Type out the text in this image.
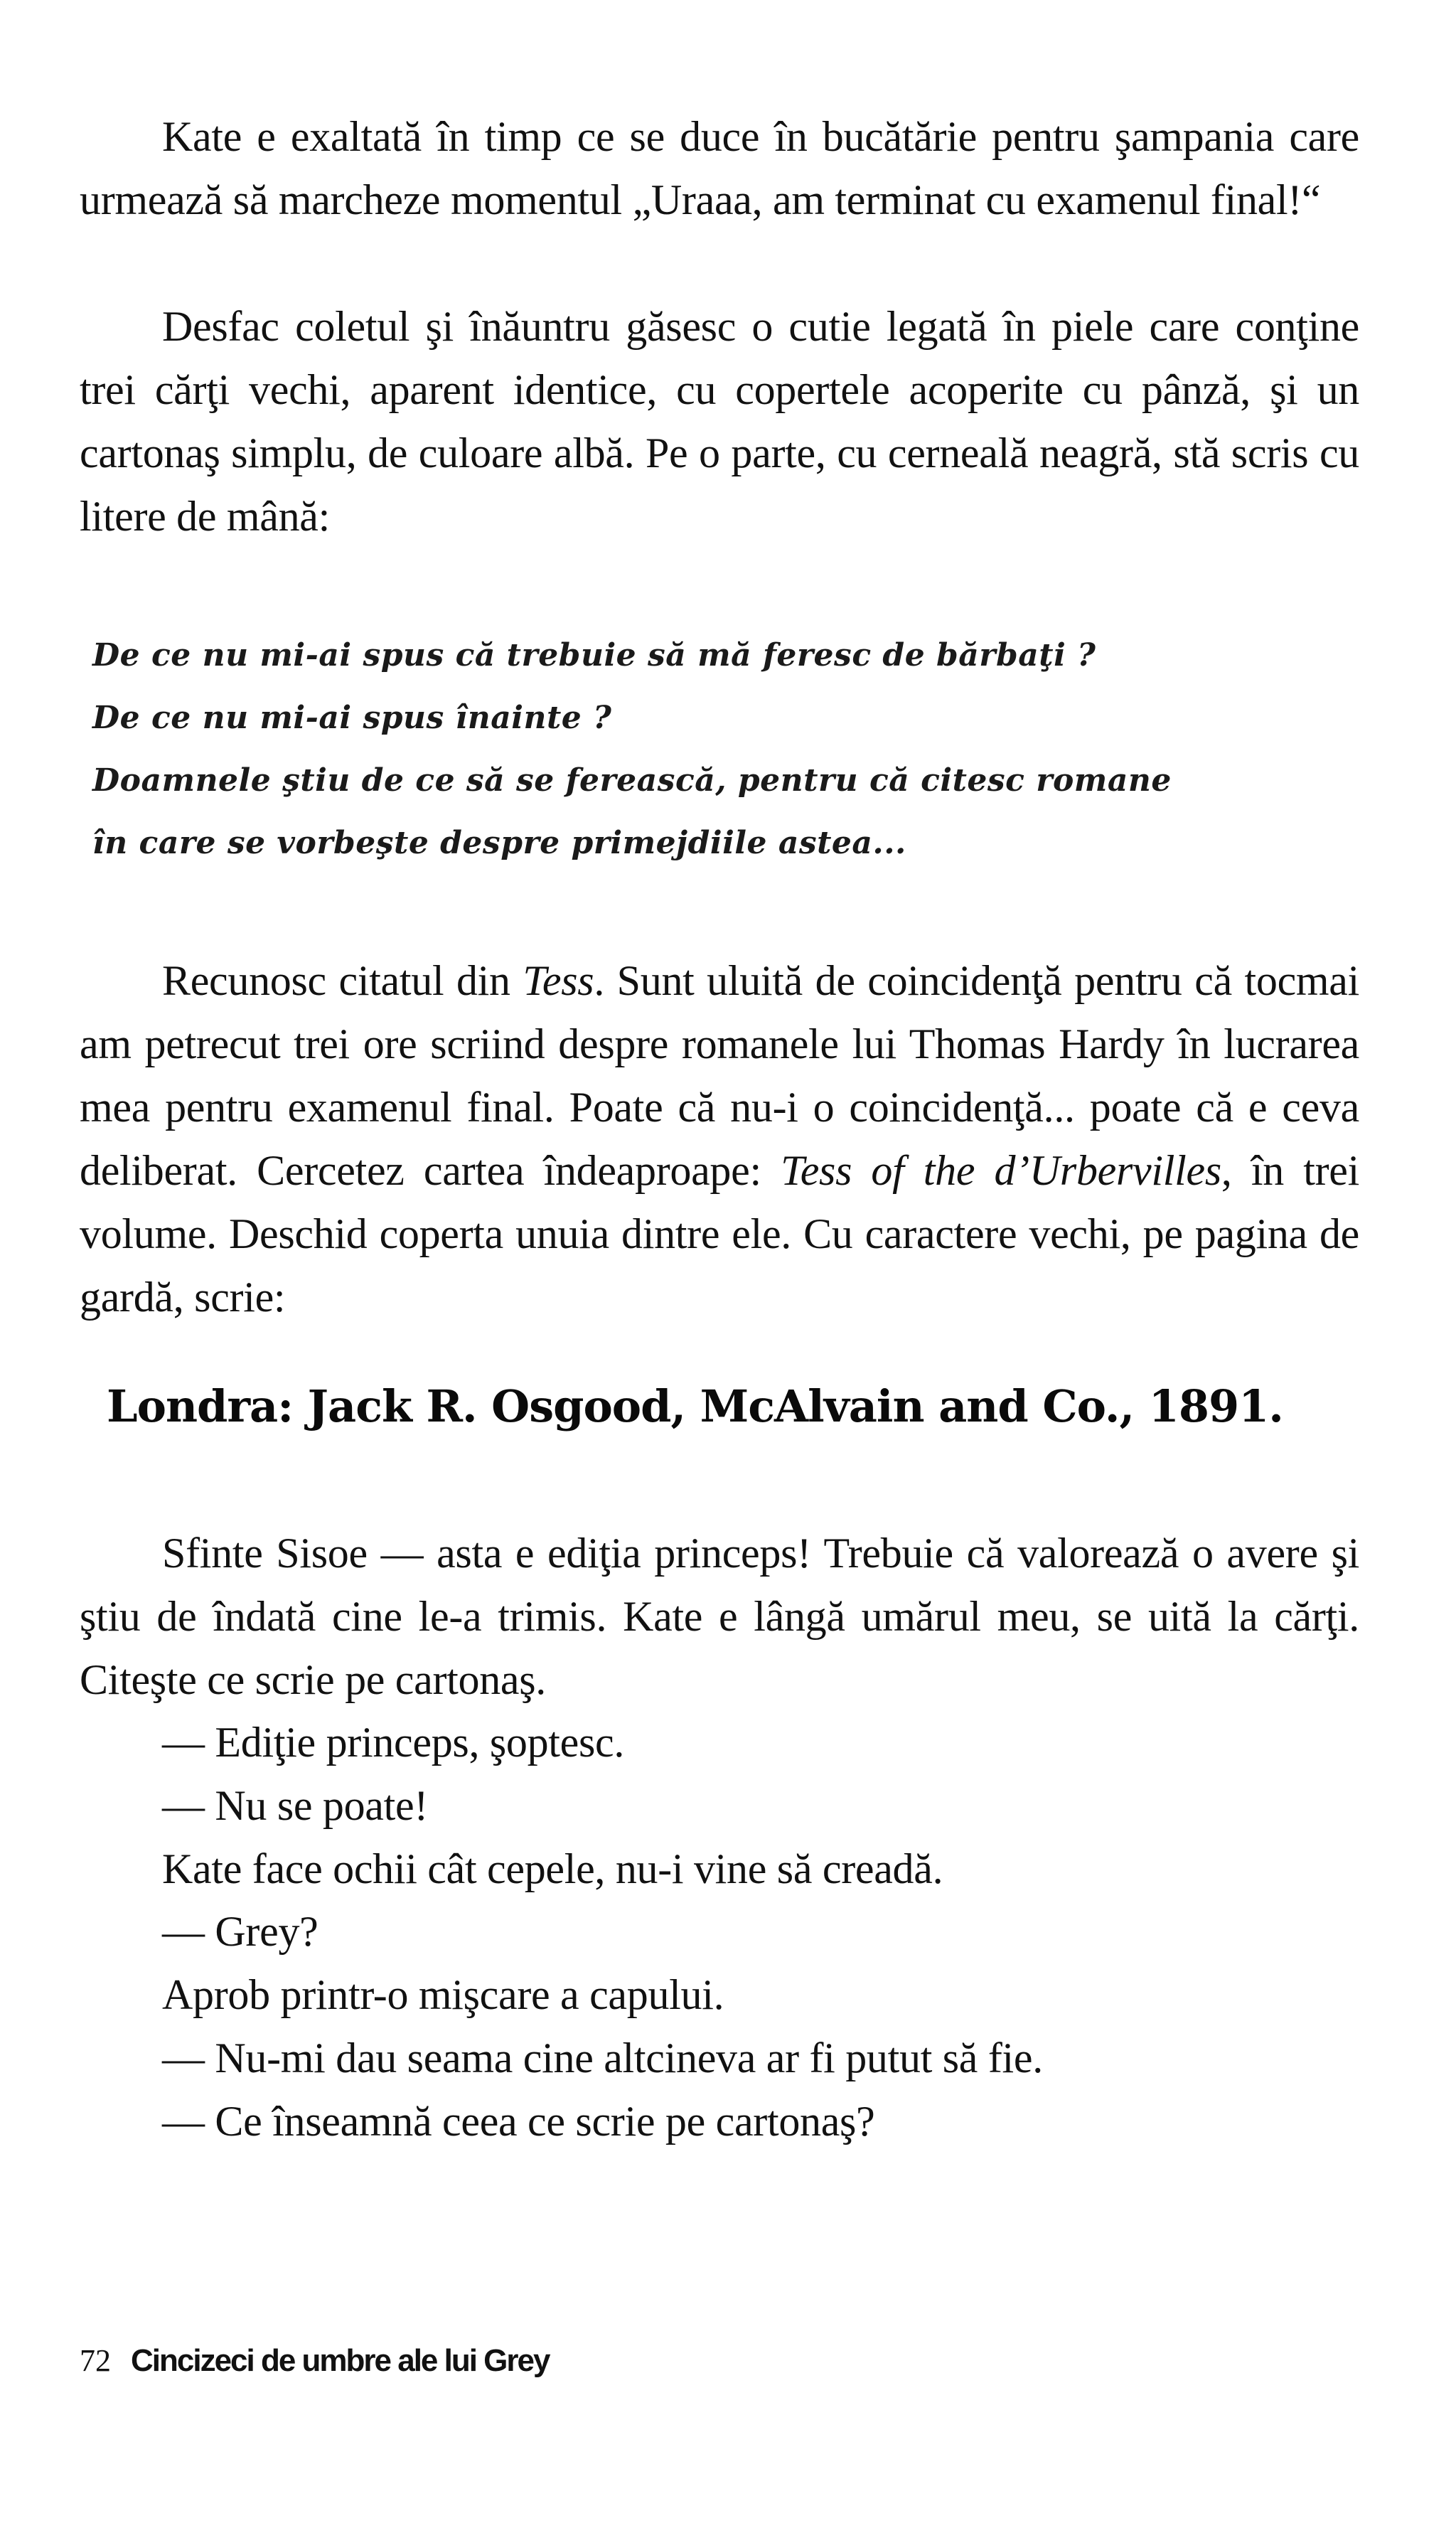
Kate e exaltată în timp ce se duce în bucătărie pentru şampania care urmează să marcheze momentul „Uraaa, am terminat cu examenul final!“

Desfac coletul şi înăuntru găsesc o cutie legată în piele care conţine trei cărţi vechi, aparent identice, cu copertele acoperite cu pânză, şi un cartonaş simplu, de culoare albă. Pe o parte, cu cerneală neagră, stă scris cu litere de mână:

De ce nu mi-ai spus că trebuie să mă feresc de bărbaţi ?
De ce nu mi-ai spus înainte ?
Doamnele ştiu de ce să se ferească, pentru că citesc romane
în care se vorbeşte despre primejdiile astea...

Recunosc citatul din Tess. Sunt uluită de coincidenţă pentru că tocmai am petrecut trei ore scriind despre romanele lui Thomas Hardy în lucrarea mea pentru examenul final. Poate că nu-i o coincidenţă... poate că e ceva deliberat. Cercetez cartea îndeaproape: Tess of the d’Urbervilles, în trei volume. Deschid coperta unuia dintre ele. Cu caractere vechi, pe pagina de gardă, scrie:

Londra: Jack R. Osgood, McAlvain and Co., 1891.

Sfinte Sisoe — asta e ediţia princeps! Trebuie că valorează o avere şi ştiu de îndată cine le-a trimis. Kate e lângă umărul meu, se uită la cărţi. Citeşte ce scrie pe cartonaş.

— Ediţie princeps, şoptesc.
— Nu se poate!
Kate face ochii cât cepele, nu-i vine să creadă.
— Grey?
Aprob printr-o mişcare a capului.
— Nu-mi dau seama cine altcineva ar fi putut să fie.
— Ce înseamnă ceea ce scrie pe cartonaş?
72 Cincizeci de umbre ale lui Grey
